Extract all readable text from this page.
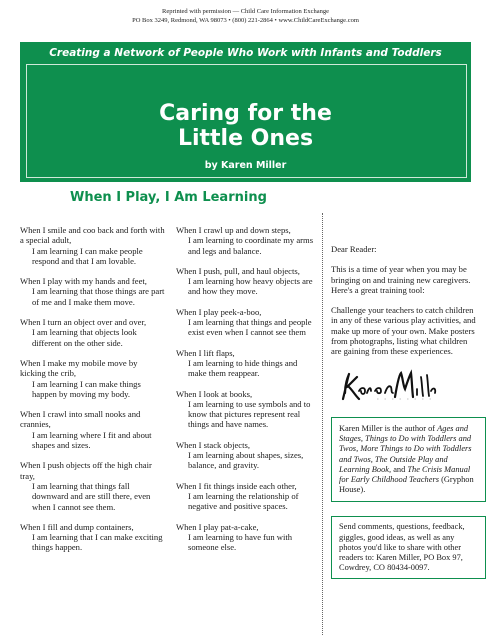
Reprinted with permission — Child Care Information Exchange
PO Box 3249, Redmond, WA 98073 • (800) 221-2864 • www.ChildCareExchange.com
Creating a Network of People Who Work with Infants and Toddlers
Caring for the
Little Ones
by Karen Miller
When I Play, I Am Learning
When I smile and coo back and forth with a special adult,
I am learning I can make people respond and that I am lovable.
When I play with my hands and feet,
I am learning that those things are part of me and I make them move.
When I turn an object over and over,
I am learning that objects look different on the other side.
When I make my mobile move by kicking the crib,
I am learning I can make things happen by moving my body.
When I crawl into small nooks and crannies,
I am learning where I fit and about shapes and sizes.
When I push objects off the high chair tray,
I am learning that things fall downward and are still there, even when I cannot see them.
When I fill and dump containers,
I am learning that I can make exciting things happen.
When I crawl up and down steps,
I am learning to coordinate my arms and legs and balance.
When I push, pull, and haul objects,
I am learning how heavy objects are and how they move.
When I play peek-a-boo,
I am learning that things and people exist even when I cannot see them
When I lift flaps,
I am learning to hide things and make them reappear.
When I look at books,
I am learning to use symbols and to know that pictures represent real things and have names.
When I stack objects,
I am learning about shapes, sizes, balance, and gravity.
When I fit things inside each other,
I am learning the relationship of negative and positive spaces.
When I play pat-a-cake,
I am learning to have fun with someone else.

Dear Reader:

This is a time of year when you may be bringing on and training new caregivers. Here's a great training tool:

Challenge your teachers to catch children in any of these various play activities, and make up more of your own. Make posters from photographs, listing what children are gaining from these experiences.

Karen Miller is the author of Ages and Stages, Things to Do with Toddlers and Twos, More Things to Do with Toddlers and Twos, The Outside Play and Learning Book, and The Crisis Manual for Early Childhood Teachers (Gryphon House).
Send comments, questions, feedback, giggles, good ideas, as well as any photos you'd like to share with other readers to: Karen Miller, PO Box 97, Cowdrey, CO 80434-0097.
